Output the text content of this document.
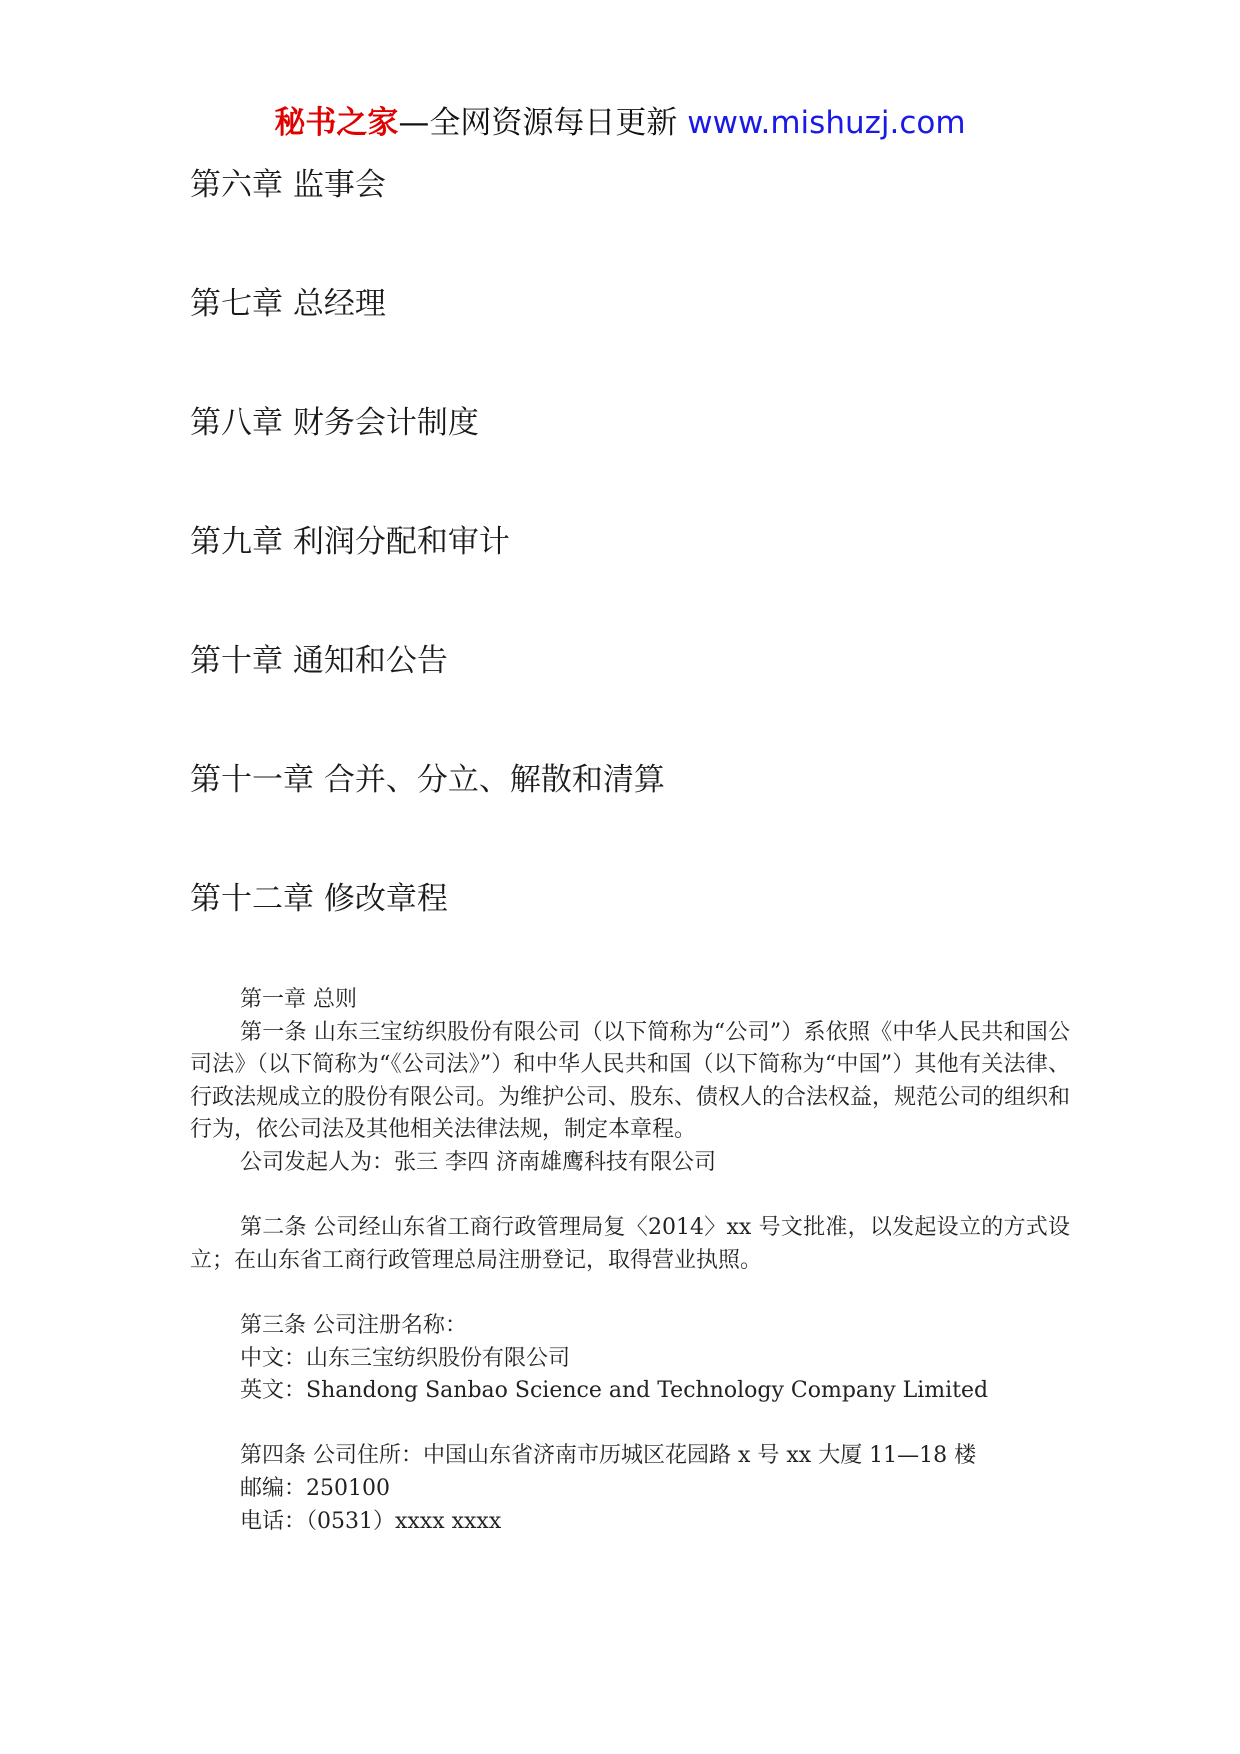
秘书之家—全网资源每日更新 www.mishuzj.com
第六章 监事会
第七章 总经理
第八章 财务会计制度
第九章 利润分配和审计
第十章 通知和公告
第十一章 合并、分立、解散和清算
第十二章 修改章程

第一章 总则

第一条 山东三宝纺织股份有限公司（以下简称为“公司”）系依照《中华人民共和国公司法》（以下简称为“《公司法》”）和中华人民共和国（以下简称为“中国”）其他有关法律、行政法规成立的股份有限公司。为维护公司、股东、债权人的合法权益，规范公司的组织和行为，依公司法及其他相关法律法规，制定本章程。

公司发起人为：张三 李四 济南雄鹰科技有限公司

第二条 公司经山东省工商行政管理局复〈2014〉xx 号文批准，以发起设立的方式设立；在山东省工商行政管理总局注册登记，取得营业执照。

第三条 公司注册名称：

中文：山东三宝纺织股份有限公司

英文：Shandong Sanbao Science and Technology Company Limited

第四条 公司住所：中国山东省济南市历城区花园路 x 号 xx 大厦 11—18 楼

邮编：250100

电话：（0531）xxxx xxxx
